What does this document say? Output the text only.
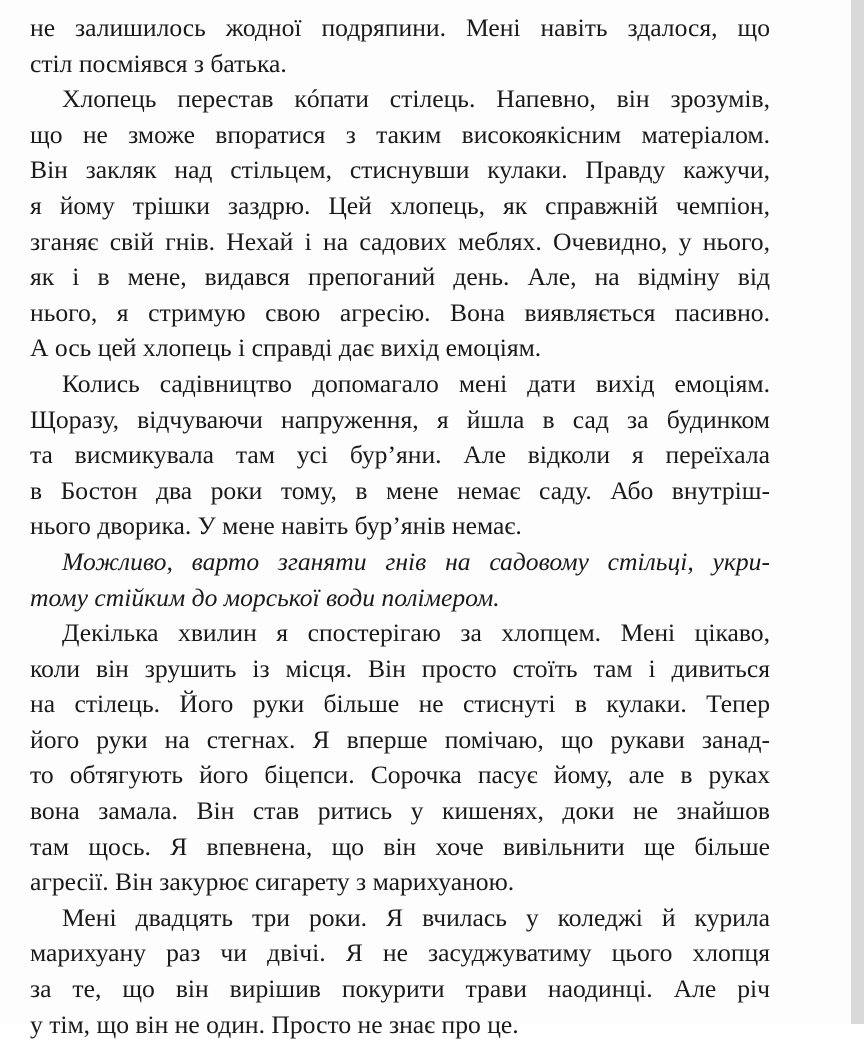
не залишилось жодної подряпини. Мені навіть здалося, що
стіл посміявся з батька.
Хлопець перестав кóпати стілець. Напевно, він зрозумів,
що не зможе впоратися з таким високоякісним матеріалом.
Він закляк над стільцем, стиснувши кулаки. Правду кажучи,
я йому трішки заздрю. Цей хлопець, як справжній чемпіон,
зганяє свій гнів. Нехай і на садових меблях. Очевидно, у нього,
як і в мене, видався препоганий день. Але, на відміну від
нього, я стримую свою агресію. Вона виявляється пасивно.
А ось цей хлопець і справді дає вихід емоціям.
Колись садівництво допомагало мені дати вихід емоціям.
Щоразу, відчуваючи напруження, я йшла в сад за будинком
та висмикувала там усі бур’яни. Але відколи я переїхала
в Бостон два роки тому, в мене немає саду. Або внутріш-
нього дворика. У мене навіть бур’янів немає.
Можливо, варто зганяти гнів на садовому стільці, укри-
тому стійким до морської води полімером.
Декілька хвилин я спостерігаю за хлопцем. Мені цікаво,
коли він зрушить із місця. Він просто стоїть там і дивиться
на стілець. Його руки більше не стиснуті в кулаки. Тепер
його руки на стегнах. Я вперше помічаю, що рукави занад-
то обтягують його біцепси. Сорочка пасує йому, але в руках
вона замала. Він став ритись у кишенях, доки не знайшов
там щось. Я впевнена, що він хоче вивільнити ще більше
агресії. Він закурює сигарету з марихуаною.
Мені двадцять три роки. Я вчилась у коледжі й курила
марихуану раз чи двічі. Я не засуджуватиму цього хлопця
за те, що він вирішив покурити трави наодинці. Але річ
у тім, що він не один. Просто не знає про це.
